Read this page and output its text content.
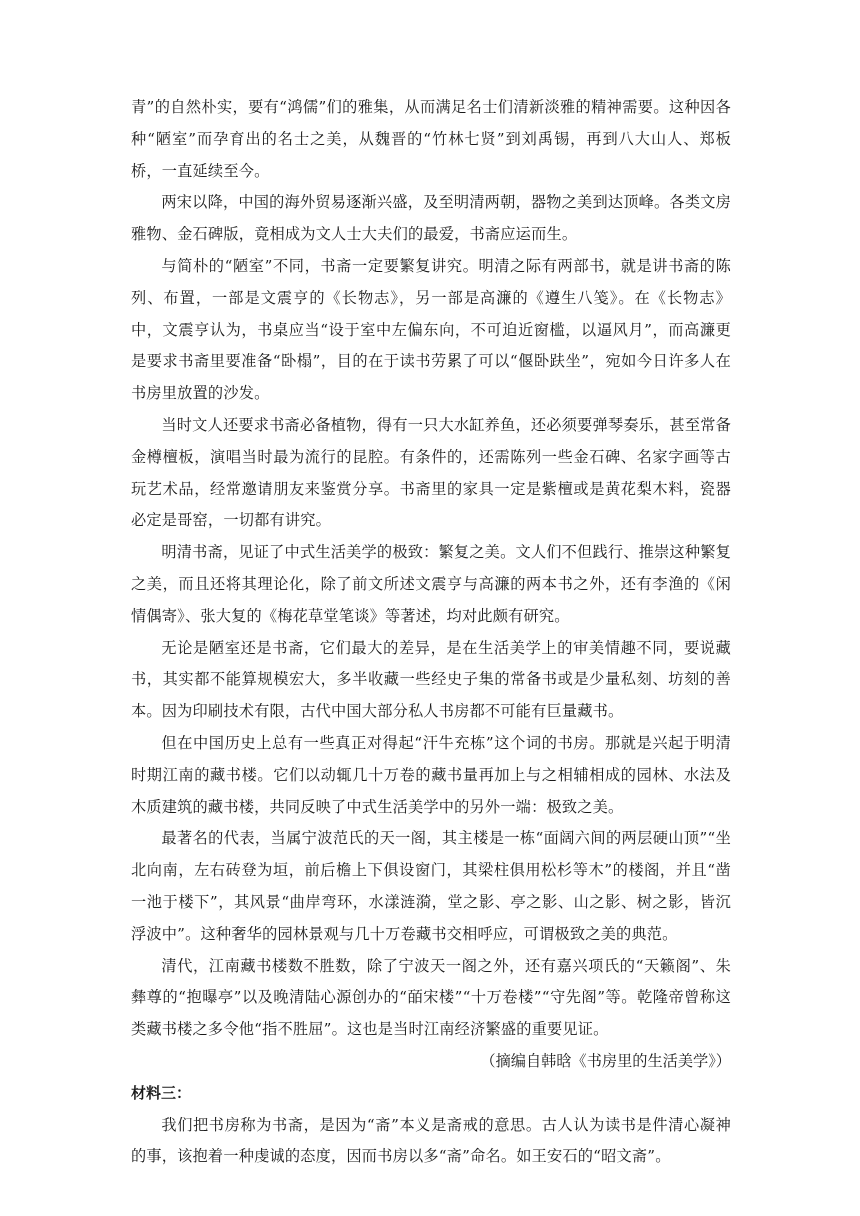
青”的自然朴实，要有“鸿儒”们的雅集，从而满足名士们清新淡雅的精神需要。这种因各种“陋室”而孕育出的名士之美，从魏晋的“竹林七贤”到刘禹锡，再到八大山人、郑板桥，一直延续至今。

两宋以降，中国的海外贸易逐渐兴盛，及至明清两朝，器物之美到达顶峰。各类文房雅物、金石碑版，竟相成为文人士大夫们的最爱，书斋应运而生。

与简朴的“陋室”不同，书斋一定要繁复讲究。明清之际有两部书，就是讲书斋的陈列、布置，一部是文震亨的《长物志》，另一部是高濂的《遵生八笺》。在《长物志》中，文震亨认为，书桌应当“设于室中左偏东向，不可迫近窗槛，以逼风月”，而高濂更是要求书斋里要准备“卧榻”，目的在于读书劳累了可以“偃卧趺坐”，宛如今日许多人在书房里放置的沙发。

当时文人还要求书斋必备植物，得有一只大水缸养鱼，还必须要弹琴奏乐，甚至常备金樽檀板，演唱当时最为流行的昆腔。有条件的，还需陈列一些金石碑、名家字画等古玩艺术品，经常邀请朋友来鉴赏分享。书斋里的家具一定是紫檀或是黄花梨木料，瓷器必定是哥窑，一切都有讲究。

明清书斋，见证了中式生活美学的极致：繁复之美。文人们不但践行、推崇这种繁复之美，而且还将其理论化，除了前文所述文震亨与高濂的两本书之外，还有李渔的《闲情偶寄》、张大复的《梅花草堂笔谈》等著述，均对此颇有研究。

无论是陋室还是书斋，它们最大的差异，是在生活美学上的审美情趣不同，要说藏书，其实都不能算规模宏大，多半收藏一些经史子集的常备书或是少量私刻、坊刻的善本。因为印刷技术有限，古代中国大部分私人书房都不可能有巨量藏书。

但在中国历史上总有一些真正对得起“汗牛充栋”这个词的书房。那就是兴起于明清时期江南的藏书楼。它们以动辄几十万卷的藏书量再加上与之相辅相成的园林、水法及木质建筑的藏书楼，共同反映了中式生活美学中的另外一端：极致之美。

最著名的代表，当属宁波范氏的天一阁，其主楼是一栋“面阔六间的两层硬山顶”“坐北向南，左右砖登为垣，前后檐上下俱设窗门，其梁柱俱用松杉等木”的楼阁，并且“凿一池于楼下”，其风景“曲岸弯环，水漾涟漪，堂之影、亭之影、山之影、树之影，皆沉浮波中”。这种奢华的园林景观与几十万卷藏书交相呼应，可谓极致之美的典范。

清代，江南藏书楼数不胜数，除了宁波天一阁之外，还有嘉兴项氏的“天籁阁”、朱彝尊的“抱曝亭”以及晚清陆心源创办的“皕宋楼”“十万卷楼”“守先阁”等。乾隆帝曾称这类藏书楼之多令他“指不胜屈”。这也是当时江南经济繁盛的重要见证。

（摘编自韩晗《书房里的生活美学》）

材料三：

我们把书房称为书斋，是因为“斋”本义是斋戒的意思。古人认为读书是件清心凝神的事，该抱着一种虔诚的态度，因而书房以多“斋”命名。如王安石的“昭文斋”。
